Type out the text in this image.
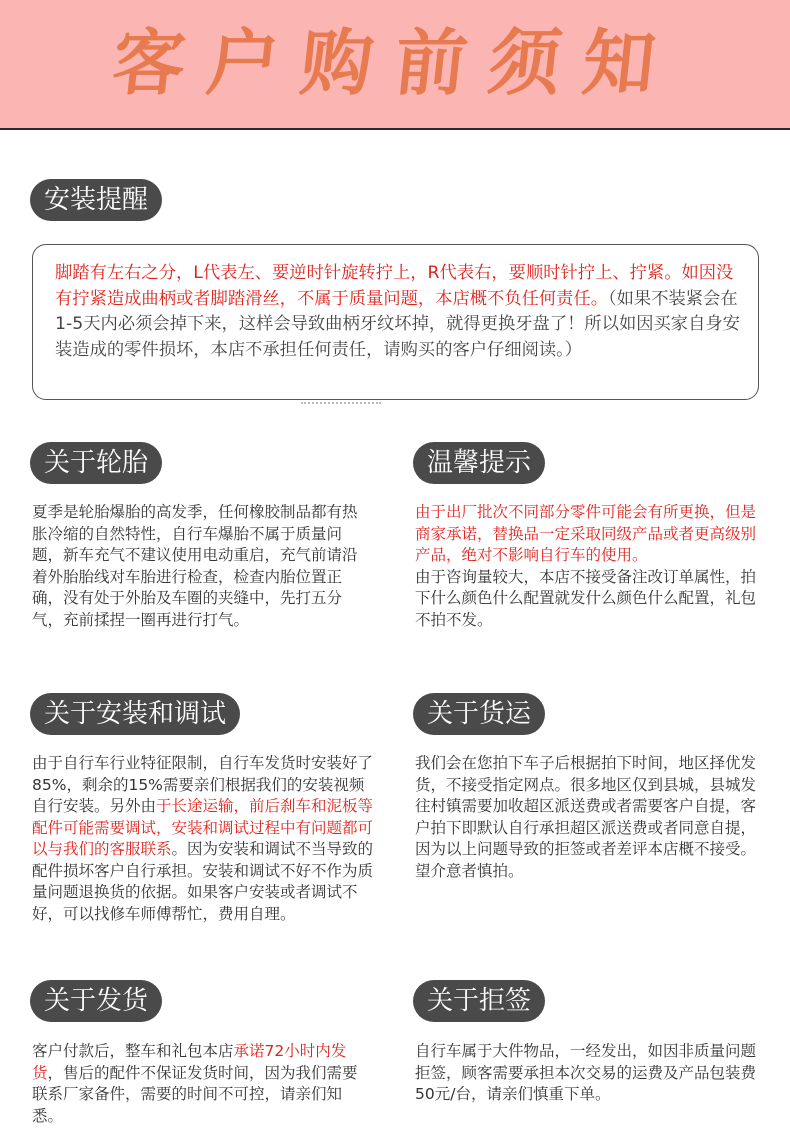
客户购前须知
安装提醒
脚踏有左右之分，L代表左、要逆时针旋转拧上，R代表右，要顺时针拧上、拧紧。如因没有拧紧造成曲柄或者脚踏滑丝，不属于质量问题，本店概不负任何责任。（如果不装紧会在1-5天内必须会掉下来，这样会导致曲柄牙纹坏掉，就得更换牙盘了！所以如因买家自身安装造成的零件损坏，本店不承担任何责任，请购买的客户仔细阅读。）
关于轮胎
夏季是轮胎爆胎的高发季，任何橡胶制品都有热胀冷缩的自然特性，自行车爆胎不属于质量问题，新车充气不建议使用电动重启，充气前请沿着外胎胎线对车胎进行检查，检查内胎位置正确，没有处于外胎及车圈的夹缝中，先打五分气，充前揉捏一圈再进行打气。
温馨提示
由于出厂批次不同部分零件可能会有所更换，但是商家承诺，替换品一定采取同级产品或者更高级别产品，绝对不影响自行车的使用。
由于咨询量较大，本店不接受备注改订单属性，拍下什么颜色什么配置就发什么颜色什么配置，礼包不拍不发。
关于安装和调试
由于自行车行业特征限制，自行车发货时安装好了85%，剩余的15%需要亲们根据我们的安装视频自行安装。另外由于长途运输，前后刹车和泥板等配件可能需要调试，安装和调试过程中有问题都可以与我们的客服联系。因为安装和调试不当导致的配件损坏客户自行承担。安装和调试不好不作为质量问题退换货的依据。如果客户安装或者调试不好，可以找修车师傅帮忙，费用自理。
关于货运
我们会在您拍下车子后根据拍下时间，地区择优发货，不接受指定网点。很多地区仅到县城，县城发往村镇需要加收超区派送费或者需要客户自提，客户拍下即默认自行承担超区派送费或者同意自提，因为以上问题导致的拒签或者差评本店概不接受。望介意者慎拍。
关于发货
客户付款后，整车和礼包本店承诺72小时内发货，售后的配件不保证发货时间，因为我们需要联系厂家备件，需要的时间不可控，请亲们知悉。
关于拒签
自行车属于大件物品，一经发出，如因非质量问题拒签，顾客需要承担本次交易的运费及产品包装费50元/台，请亲们慎重下单。
